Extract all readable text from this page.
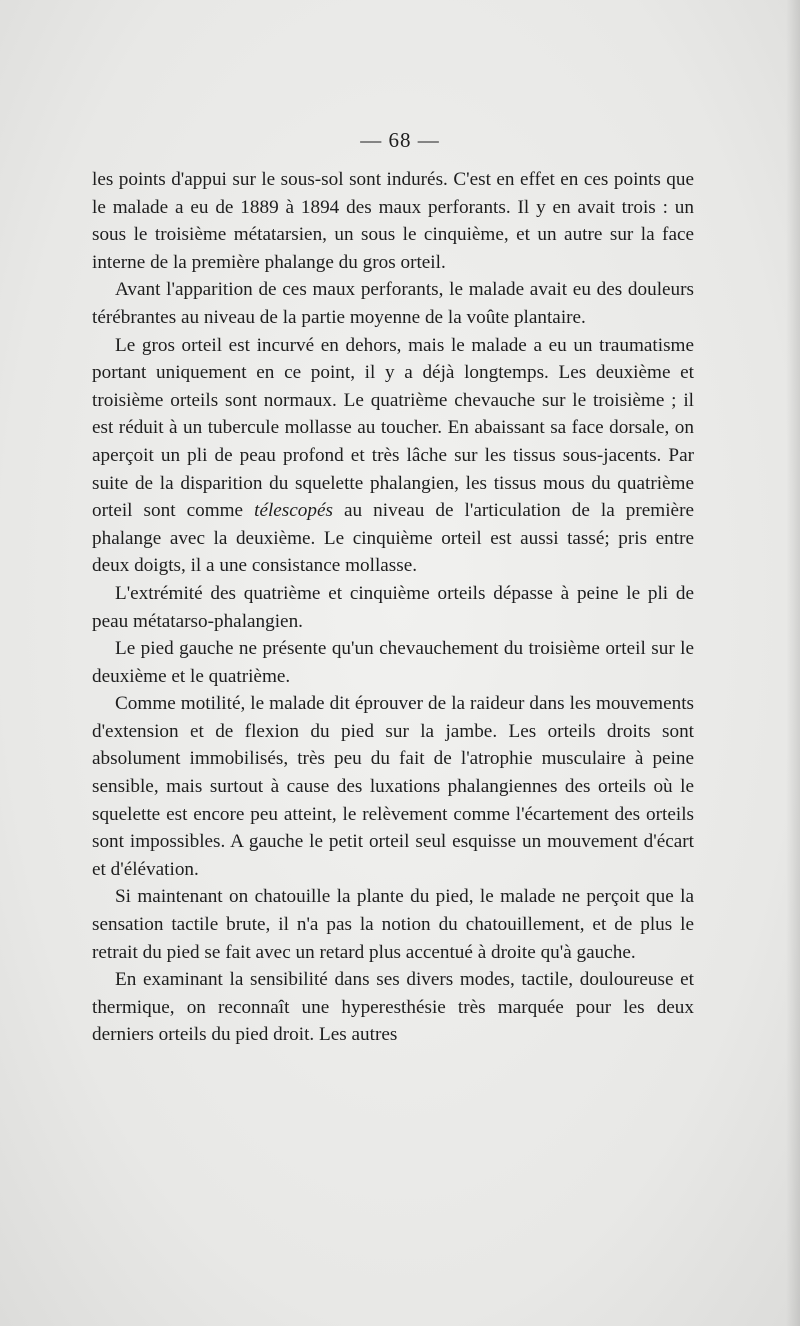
— 68 —

les points d'appui sur le sous-sol sont indurés. C'est en effet en ces points que le malade a eu de 1889 à 1894 des maux perforants. Il y en avait trois : un sous le troisième métatarsien, un sous le cinquième, et un autre sur la face interne de la première phalange du gros orteil.

Avant l'apparition de ces maux perforants, le malade avait eu des douleurs térébrantes au niveau de la partie moyenne de la voûte plantaire.

Le gros orteil est incurvé en dehors, mais le malade a eu un traumatisme portant uniquement en ce point, il y a déjà longtemps. Les deuxième et troisième orteils sont normaux. Le quatrième chevauche sur le troisième ; il est réduit à un tubercule mollasse au toucher. En abaissant sa face dorsale, on aperçoit un pli de peau profond et très lâche sur les tissus sous-jacents. Par suite de la disparition du squelette phalangien, les tissus mous du quatrième orteil sont comme télescopés au niveau de l'articulation de la première phalange avec la deuxième. Le cinquième orteil est aussi tassé; pris entre deux doigts, il a une consistance mollasse.

L'extrémité des quatrième et cinquième orteils dépasse à peine le pli de peau métatarso-phalangien.

Le pied gauche ne présente qu'un chevauchement du troisième orteil sur le deuxième et le quatrième.

Comme motilité, le malade dit éprouver de la raideur dans les mouvements d'extension et de flexion du pied sur la jambe. Les orteils droits sont absolument immobilisés, très peu du fait de l'atrophie musculaire à peine sensible, mais surtout à cause des luxations phalangiennes des orteils où le squelette est encore peu atteint, le relèvement comme l'écartement des orteils sont impossibles. A gauche le petit orteil seul esquisse un mouvement d'écart et d'élévation.

Si maintenant on chatouille la plante du pied, le malade ne perçoit que la sensation tactile brute, il n'a pas la notion du chatouillement, et de plus le retrait du pied se fait avec un retard plus accentué à droite qu'à gauche.

En examinant la sensibilité dans ses divers modes, tactile, douloureuse et thermique, on reconnaît une hyperesthésie très marquée pour les deux derniers orteils du pied droit. Les autres
